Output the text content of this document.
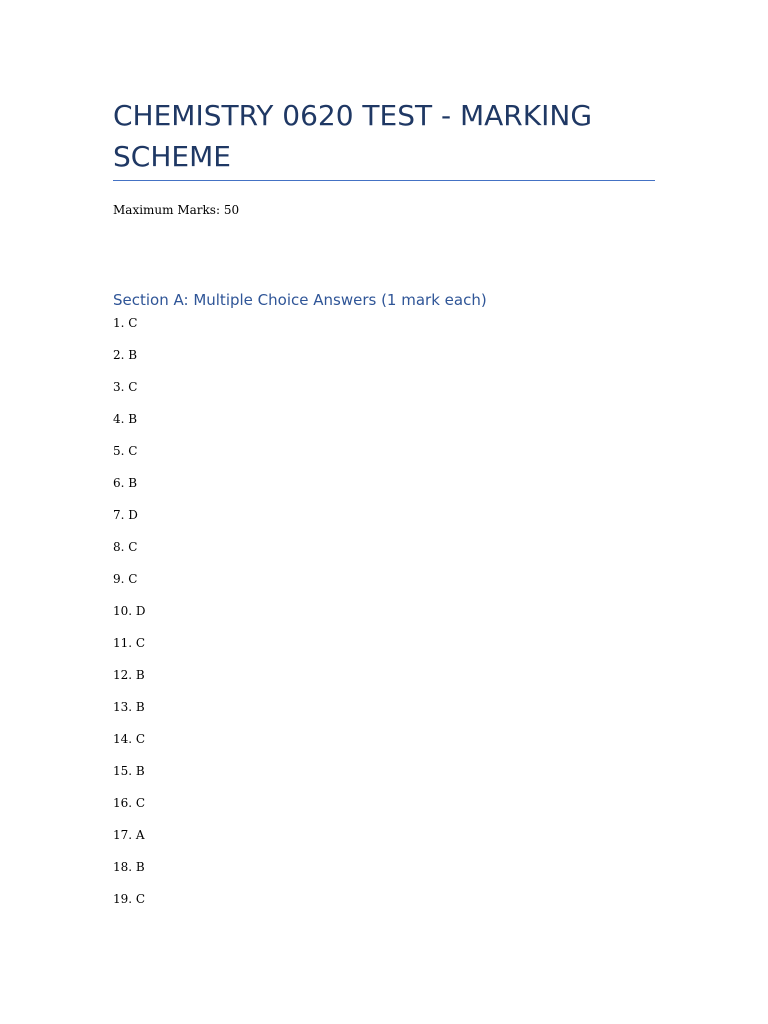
CHEMISTRY 0620 TEST - MARKING SCHEME

Maximum Marks: 50

Section A: Multiple Choice Answers (1 mark each)
1. C
2. B
3. C
4. B
5. C
6. B
7. D
8. C
9. C
10. D
11. C
12. B
13. B
14. C
15. B
16. C
17. A
18. B
19. C
